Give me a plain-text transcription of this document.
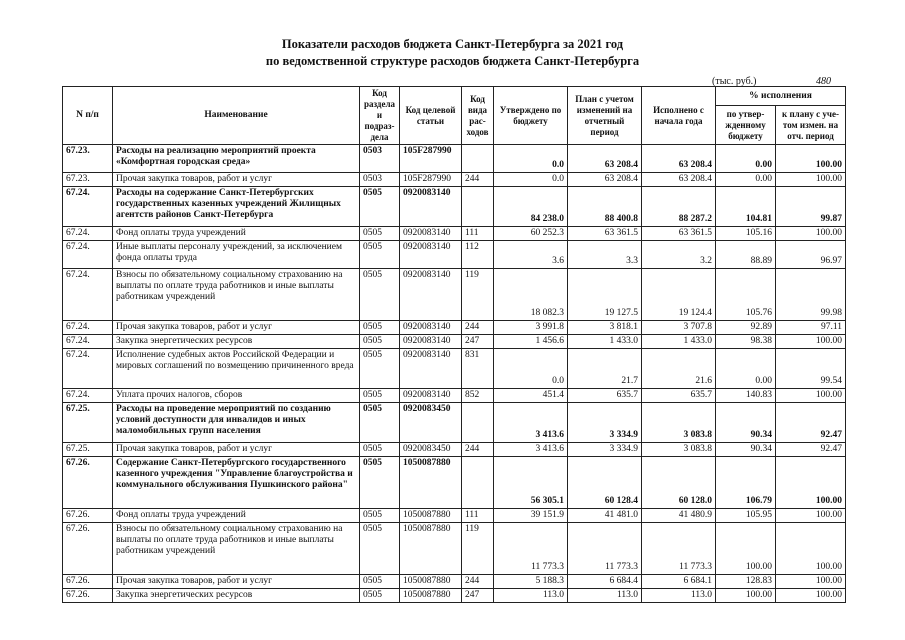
Показатели расходов бюджета Санкт-Петербурга за 2021 год
по ведомственной структуре расходов бюджета Санкт-Петербурга
(тыс. руб.)	480
N п/п	Наименование	Код раздела и подраз-дела	Код целевой статьи	Код вида рас-ходов	Утверждено по бюджету	План с учетом изменений на отчетный период	Исполнено с начала года	% исполнения	
								по утвер-жденному бюджету	к плану с уче-том измен. на отч. период
67.23.	Расходы на реализацию мероприятий проекта «Комфортная городская среда»	0503	105F287990		0.0	63 208.4	63 208.4	0.00	100.00
67.23.	Прочая закупка товаров, работ и услуг	0503	105F287990	244	0.0	63 208.4	63 208.4	0.00	100.00
67.24.	Расходы на содержание Санкт-Петербургских государственных казенных учреждений Жилищных агентств районов Санкт-Петербурга	0505	0920083140		84 238.0	88 400.8	88 287.2	104.81	99.87
67.24.	Фонд оплаты труда учреждений	0505	0920083140	111	60 252.3	63 361.5	63 361.5	105.16	100.00
67.24.	Иные выплаты персоналу учреждений, за исключением фонда оплаты труда	0505	0920083140	112	3.6	3.3	3.2	88.89	96.97
67.24.	Взносы по обязательному социальному страхованию на выплаты по оплате труда работников и иные выплаты работникам учреждений	0505	0920083140	119	18 082.3	19 127.5	19 124.4	105.76	99.98
67.24.	Прочая закупка товаров, работ и услуг	0505	0920083140	244	3 991.8	3 818.1	3 707.8	92.89	97.11
67.24.	Закупка энергетических ресурсов	0505	0920083140	247	1 456.6	1 433.0	1 433.0	98.38	100.00
67.24.	Исполнение судебных актов Российской Федерации и мировых соглашений по возмещению причиненного вреда	0505	0920083140	831	0.0	21.7	21.6	0.00	99.54
67.24.	Уплата прочих налогов, сборов	0505	0920083140	852	451.4	635.7	635.7	140.83	100.00
67.25.	Расходы на проведение мероприятий по созданию условий доступности для инвалидов и иных маломобильных групп населения	0505	0920083450		3 413.6	3 334.9	3 083.8	90.34	92.47
67.25.	Прочая закупка товаров, работ и услуг	0505	0920083450	244	3 413.6	3 334.9	3 083.8	90.34	92.47
67.26.	Содержание Санкт-Петербургского государственного казенного учреждения "Управление благоустройства и коммунального обслуживания Пушкинского района"	0505	1050087880		56 305.1	60 128.4	60 128.0	106.79	100.00
67.26.	Фонд оплаты труда учреждений	0505	1050087880	111	39 151.9	41 481.0	41 480.9	105.95	100.00
67.26.	Взносы по обязательному социальному страхованию на выплаты по оплате труда работников и иные выплаты работникам учреждений	0505	1050087880	119	11 773.3	11 773.3	11 773.3	100.00	100.00
67.26.	Прочая закупка товаров, работ и услуг	0505	1050087880	244	5 188.3	6 684.4	6 684.1	128.83	100.00
67.26.	Закупка энергетических ресурсов	0505	1050087880	247	113.0	113.0	113.0	100.00	100.00
